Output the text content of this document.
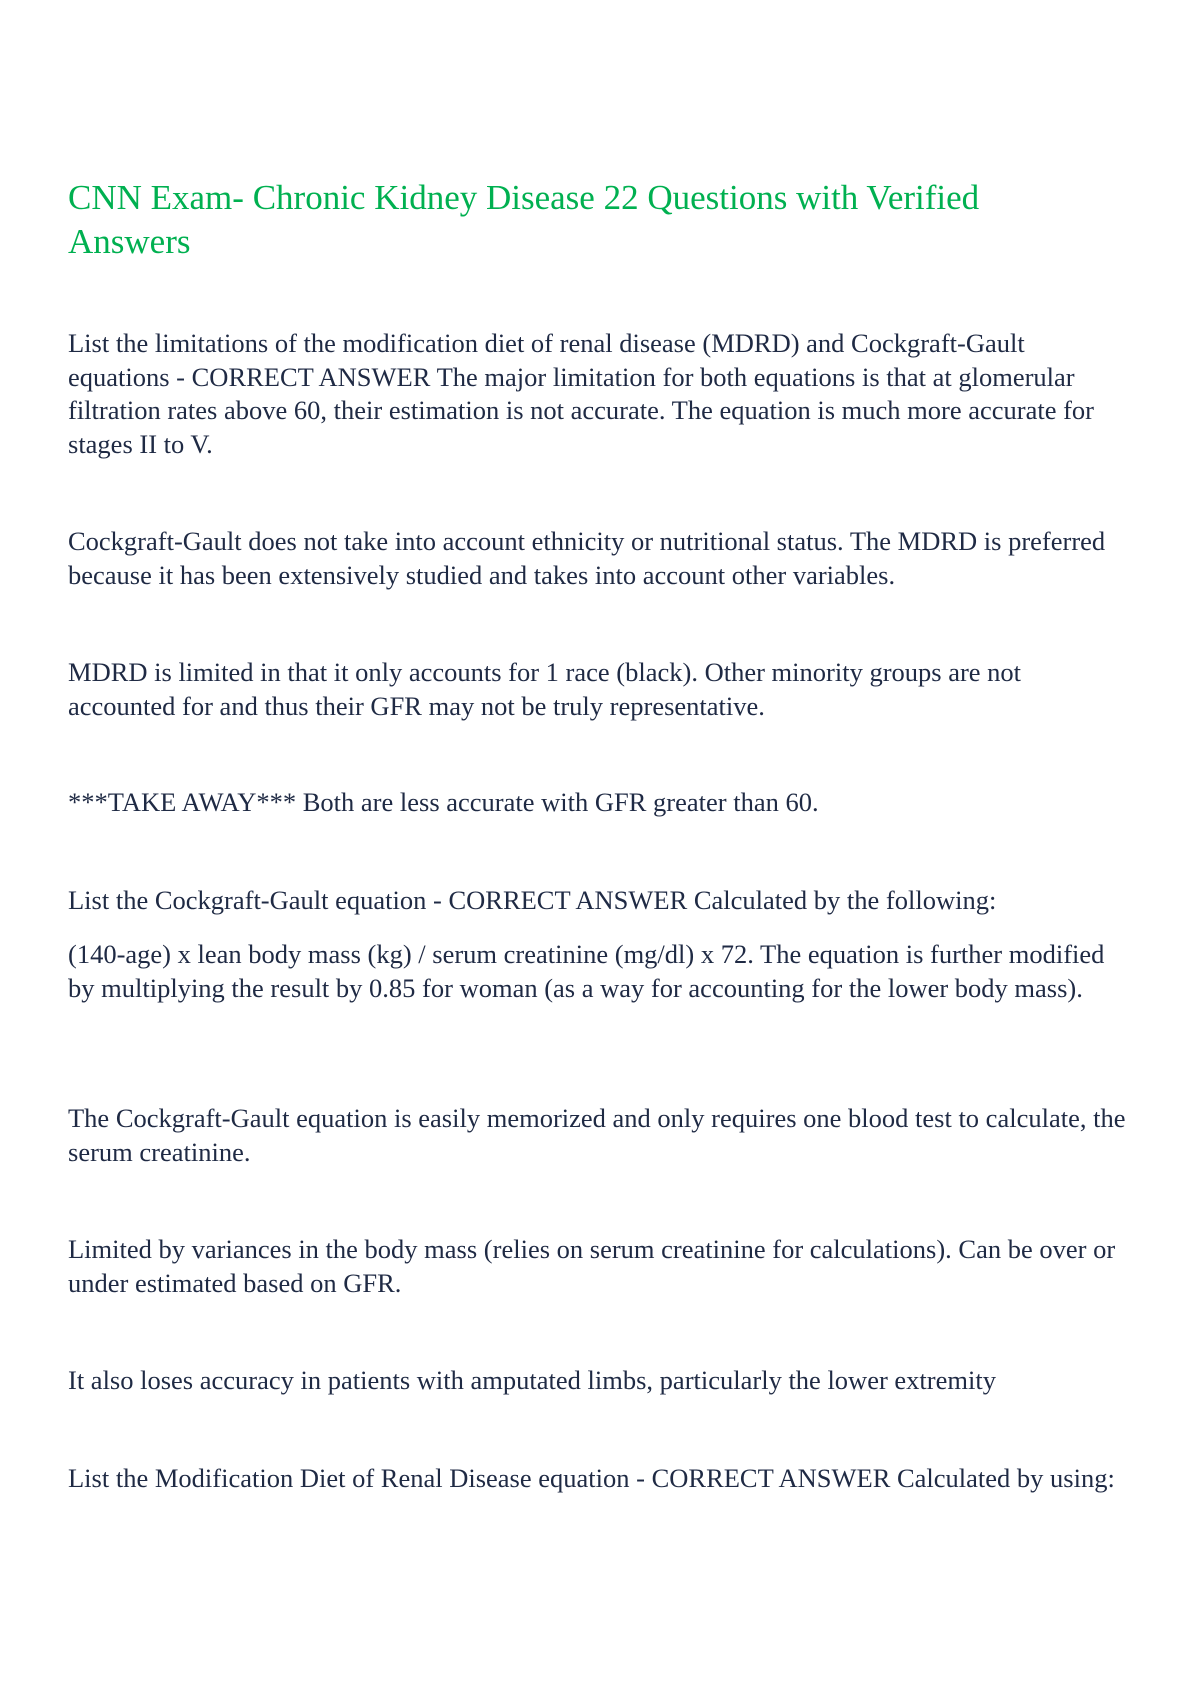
CNN Exam- Chronic Kidney Disease 22 Questions with Verified Answers

List the limitations of the modification diet of renal disease (MDRD) and Cockgraft-Gault equations - CORRECT ANSWER The major limitation for both equations is that at glomerular filtration rates above 60, their estimation is not accurate. The equation is much more accurate for stages II to V.

Cockgraft-Gault does not take into account ethnicity or nutritional status. The MDRD is preferred because it has been extensively studied and takes into account other variables.

MDRD is limited in that it only accounts for 1 race (black). Other minority groups are not accounted for and thus their GFR may not be truly representative.

***TAKE AWAY*** Both are less accurate with GFR greater than 60.

List the Cockgraft-Gault equation - CORRECT ANSWER Calculated by the following:

(140-age) x lean body mass (kg) / serum creatinine (mg/dl) x 72. The equation is further modified by multiplying the result by 0.85 for woman (as a way for accounting for the lower body mass).

The Cockgraft-Gault equation is easily memorized and only requires one blood test to calculate, the serum creatinine.

Limited by variances in the body mass (relies on serum creatinine for calculations). Can be over or under estimated based on GFR.

It also loses accuracy in patients with amputated limbs, particularly the lower extremity

List the Modification Diet of Renal Disease equation - CORRECT ANSWER Calculated by using:
